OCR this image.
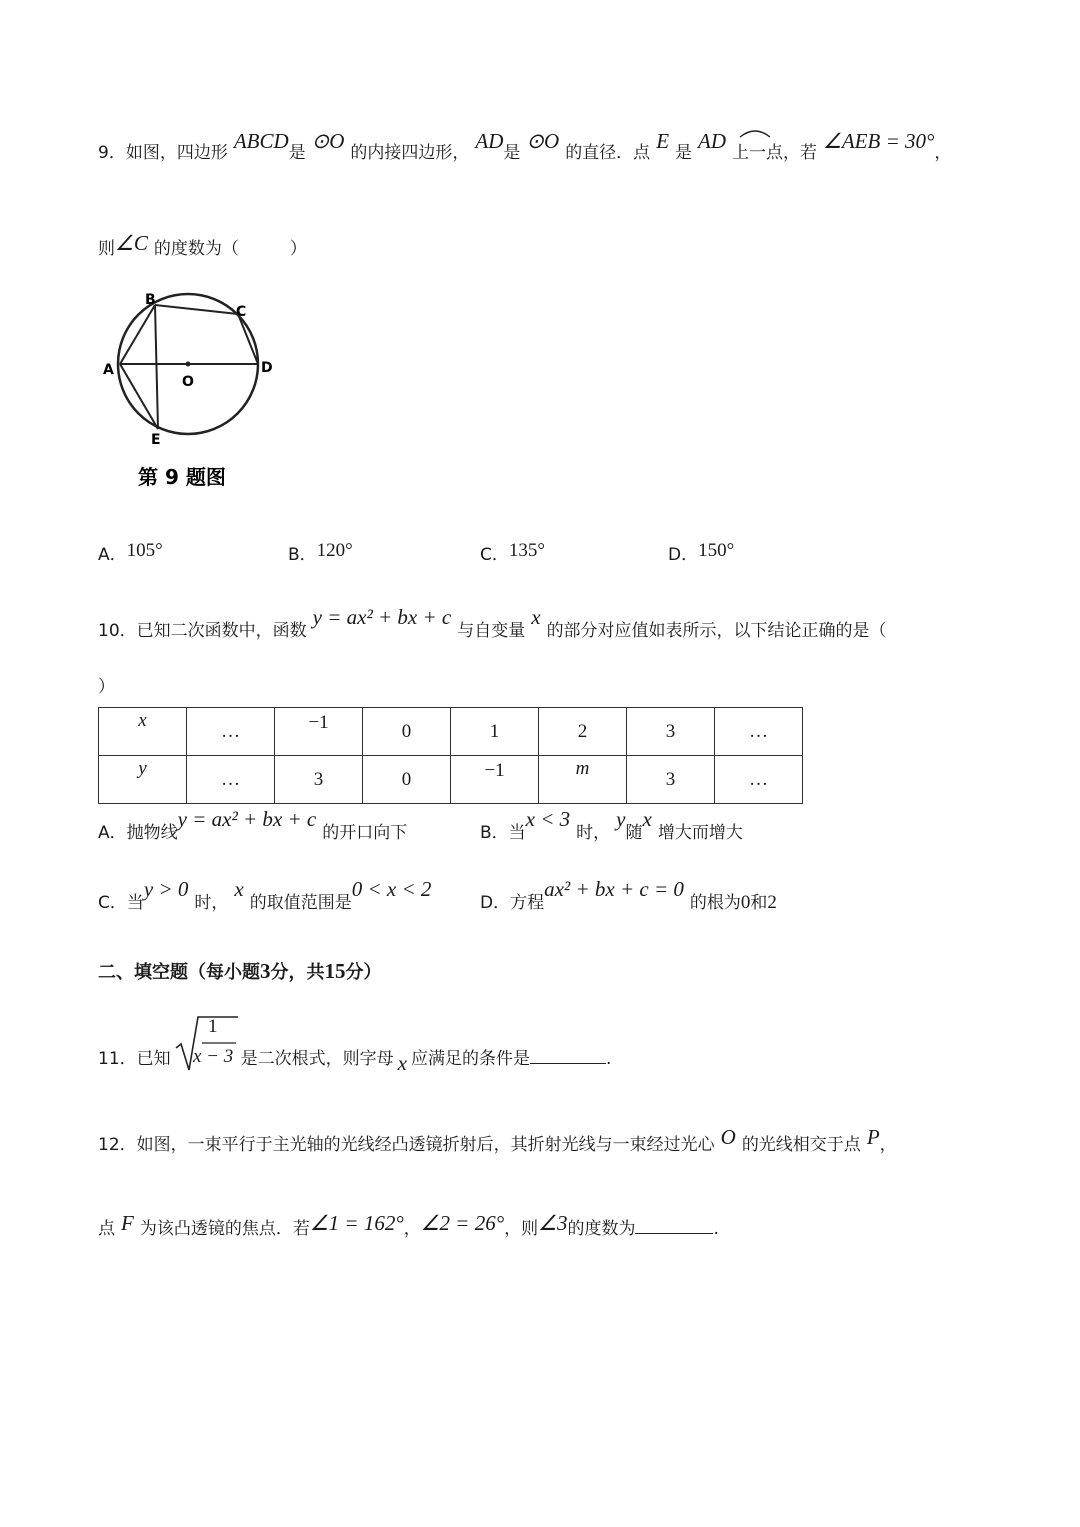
9． 如图，四边形 ABCD 是 ⊙O 的内接四边形， AD 是 ⊙O 的直径．点 E 是 AD 上一点，若 ∠AEB = 30° ，
则 ∠C 的度数为（　　　）
A
B
C
D
E
O
第 9 题图
A． 105°	B． 120°	C． 135°	D． 150°
10． 已知二次函数中，函数
y = ax² + bx + c
与自变量
x
的部分对应值如表所示，以下结论正确的是（
）
x	…	−1	0	1	2	3	…
y	…	3	0	−1	m	3	…
A． 抛物线
y = ax² + bx + c
的开口向下	B． 当
x < 3
时，
y
随
x
增大而增大
C． 当
y > 0
时，
x
的取值范围是
0 < x < 2
D． 方程
ax² + bx + c = 0
的根为 0 和 2
二、填空题（每小题 3 分，共 15 分）
11． 已知	是二次根式，则字母 x 应满足的条件是	.
1
x − 3
12． 如图，一束平行于主光轴的光线经凸透镜折射后，其折射光线与一束经过光心 O 的光线相交于点 P ，
点 F 为该凸透镜的焦点．若 ∠1 = 162° ， ∠2 = 26° ，则 ∠3 的度数为	.
